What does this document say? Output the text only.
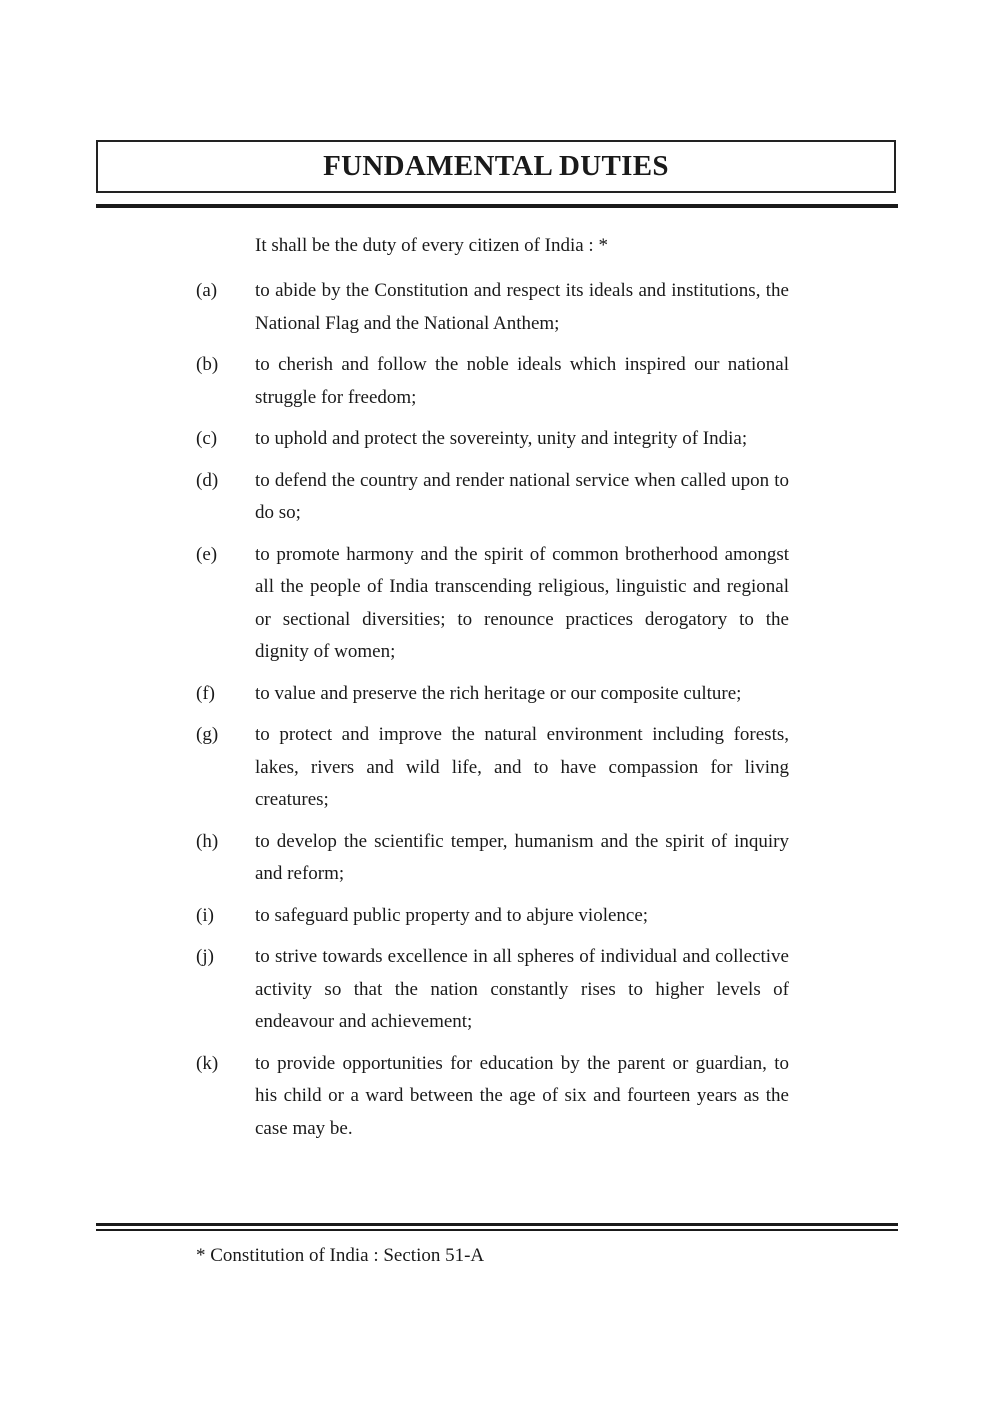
FUNDAMENTAL DUTIES
It shall be the duty of every citizen of India : *
(a)	to abide by the Constitution and respect its ideals and institutions, the National Flag and the National Anthem;
(b)	to cherish and follow the noble ideals which inspired our national struggle for freedom;
(c)	to uphold and protect the sovereinty, unity and integrity of India;
(d)	to defend the country and render national service when called upon to do so;
(e)	to promote harmony and the spirit of common brotherhood amongst all the people of India transcending religious, linguistic and regional or sectional diversities; to renounce practices derogatory to the dignity of women;
(f)	to value and preserve the rich heritage or our composite culture;
(g)	to protect and improve the natural environment including forests, lakes, rivers and wild life, and to have compassion for living creatures;
(h)	to develop the scientific temper, humanism and the spirit of inquiry and reform;
(i)	to safeguard public property and to abjure violence;
(j)	to strive towards excellence in all spheres of individual and collective activity so that the nation constantly rises to higher levels of endeavour and achievement;
(k)	to provide opportunities for education by the parent or guardian, to his child or a ward between the age of six and fourteen years as the case may be.
* Constitution of India : Section 51-A
